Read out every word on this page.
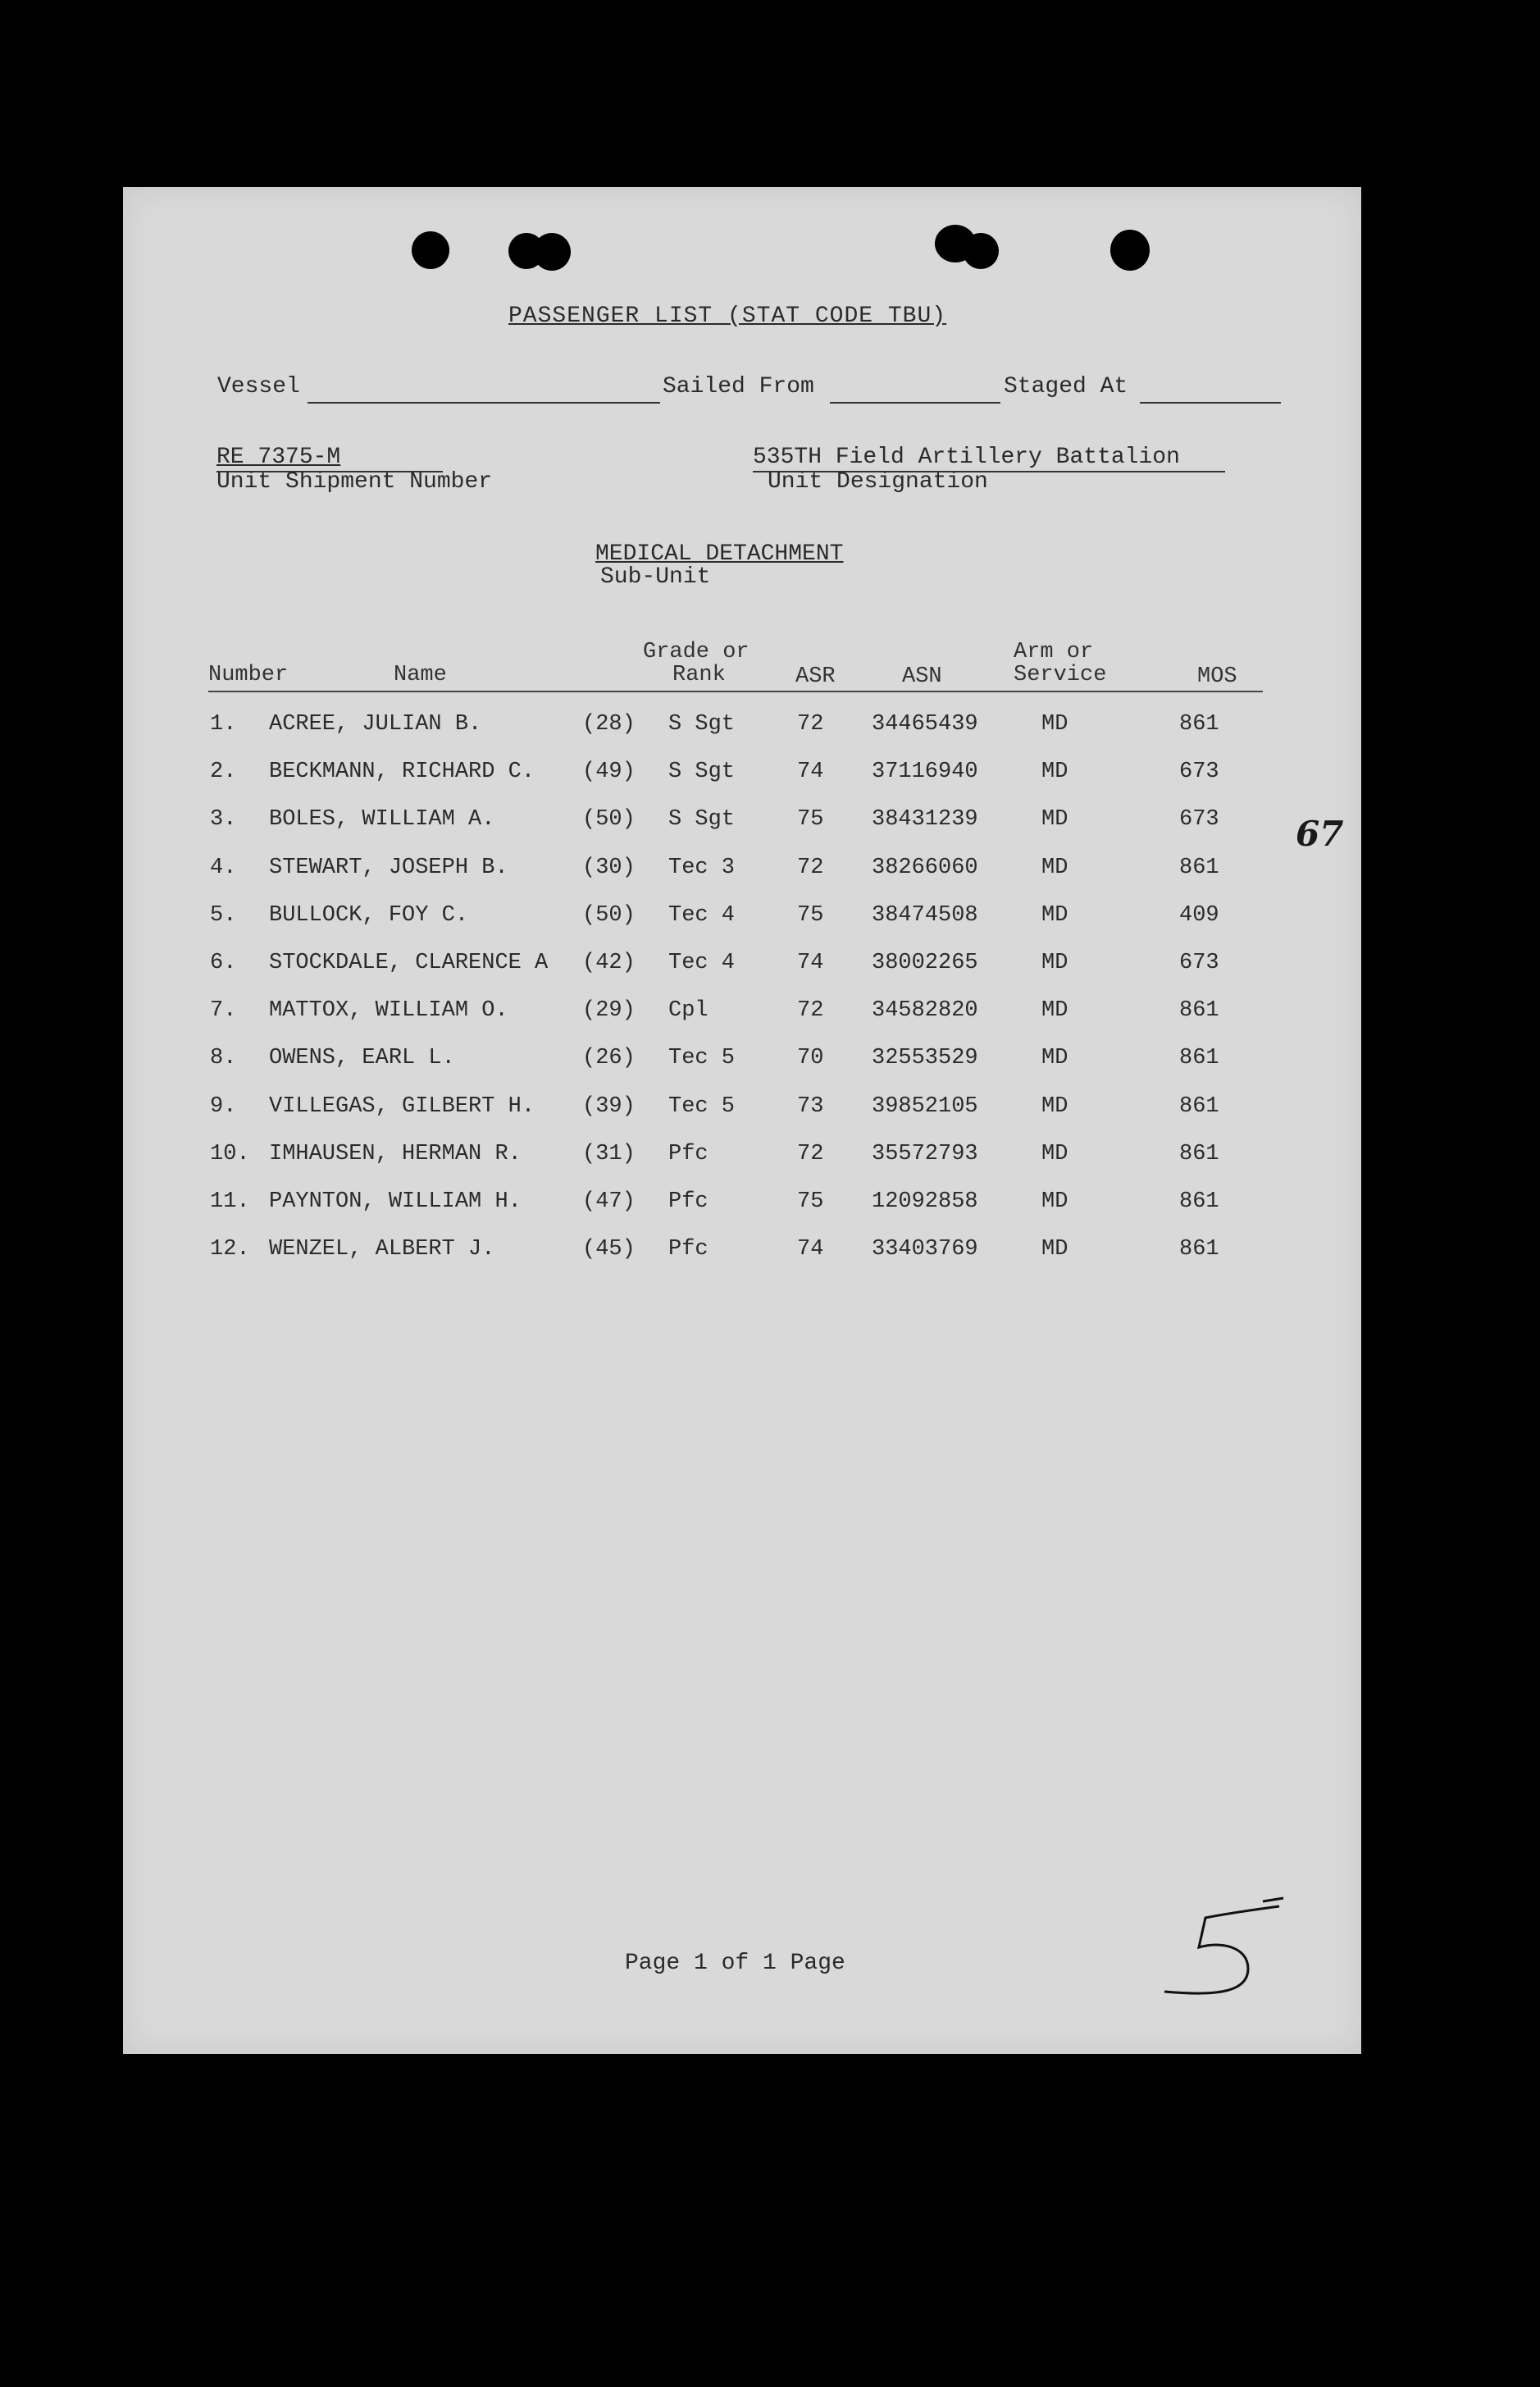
PASSENGER LIST (STAT CODE TBU)
Vessel	Sailed From	Staged At
RE 7375-M
Unit Shipment Number
535TH Field Artillery Battalion
Unit Designation
MEDICAL DETACHMENT
Sub-Unit
Grade or	Arm or
Number	Name	Rank	ASR	ASN	Service	MOS
1. ACREE, JULIAN B.	(28) S Sgt	72 34465439	MD	861
2. BECKMANN, RICHARD C. (49) S Sgt	74 37116940	MD	673
3. BOLES, WILLIAM A.	(50) S Sgt	75 38431239	MD	673
4. STEWART, JOSEPH B.	(30) Tec 3	72 38266060	MD	861
5. BULLOCK, FOY C.	(50) Tec 4	75 38474508	MD	409
6. STOCKDALE, CLARENCE A (42) Tec 4	74 38002265	MD	673
7. MATTOX, WILLIAM O.	(29) Cpl	72 34582820	MD	861
8. OWENS, EARL L.	(26) Tec 5	70 32553529	MD	861
9. VILLEGAS, GILBERT H. (39) Tec 5	73 39852105	MD	861
10. IMHAUSEN, HERMAN R.	(31) Pfc	72 35572793	MD	861
11. PAYNTON, WILLIAM H.	(47) Pfc	75 12092858	MD	861
12. WENZEL, ALBERT J.	(45) Pfc	74 33403769	MD	861
Page 1 of 1 Page
67
